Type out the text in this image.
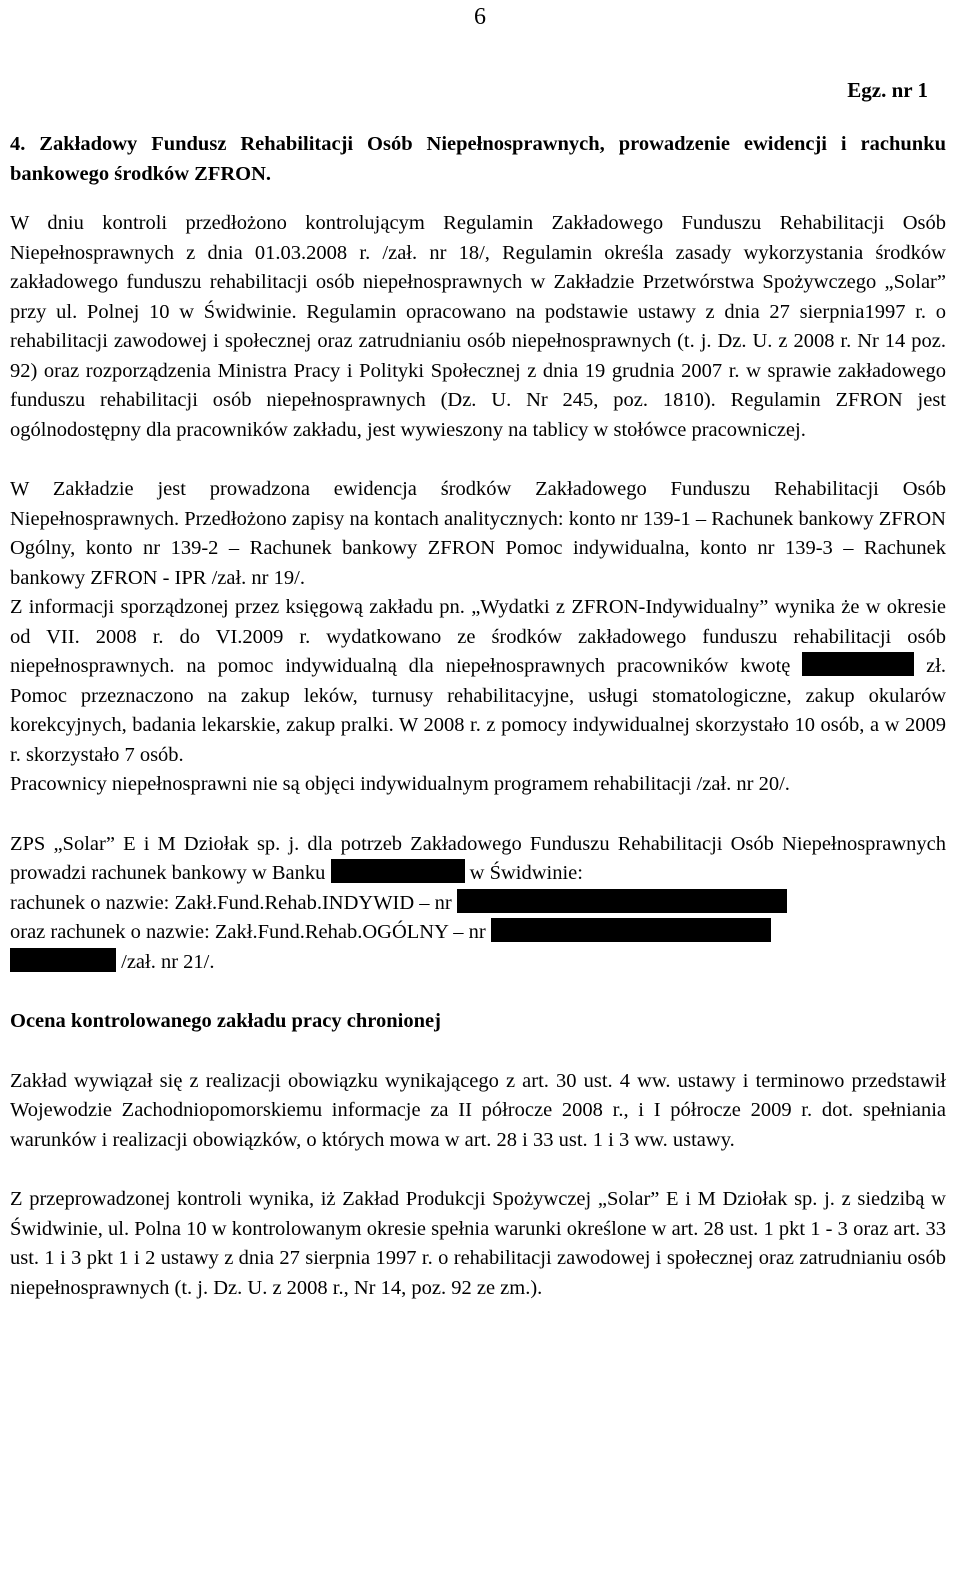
6
Egz. nr 1

4. Zakładowy Fundusz Rehabilitacji Osób Niepełnosprawnych, prowadzenie ewidencji i rachunku bankowego środków ZFRON.

W dniu kontroli przedłożono kontrolującym Regulamin Zakładowego Funduszu Rehabilitacji Osób Niepełnosprawnych z dnia 01.03.2008 r. /zał. nr 18/, Regulamin określa zasady wykorzystania środków zakładowego funduszu rehabilitacji osób niepełnosprawnych w Zakładzie Przetwórstwa Spożywczego „Solar” przy ul. Polnej 10 w Świdwinie. Regulamin opracowano na podstawie ustawy z dnia 27 sierpnia1997 r. o rehabilitacji zawodowej i społecznej oraz zatrudnianiu osób niepełnosprawnych (t. j. Dz. U. z 2008 r. Nr 14 poz. 92) oraz rozporządzenia Ministra Pracy i Polityki Społecznej z dnia 19 grudnia 2007 r. w sprawie zakładowego funduszu rehabilitacji osób niepełnosprawnych (Dz. U. Nr 245, poz. 1810). Regulamin ZFRON jest ogólnodostępny dla pracowników zakładu, jest wywieszony na tablicy w stołówce pracowniczej.

W Zakładzie jest prowadzona ewidencja środków Zakładowego Funduszu Rehabilitacji Osób Niepełnosprawnych. Przedłożono zapisy na kontach analitycznych: konto nr 139-1 – Rachunek bankowy ZFRON Ogólny, konto nr 139-2 – Rachunek bankowy ZFRON Pomoc indywidualna, konto nr 139-3 – Rachunek bankowy ZFRON - IPR /zał. nr 19/.

Z informacji sporządzonej przez księgową zakładu pn. „Wydatki z ZFRON-Indywidualny” wynika że w okresie od VII. 2008 r. do VI.2009 r. wydatkowano ze środków zakładowego funduszu rehabilitacji osób niepełnosprawnych. na pomoc indywidualną dla niepełnosprawnych pracowników kwotę	zł. Pomoc przeznaczono na zakup leków, turnusy rehabilitacyjne, usługi stomatologiczne, zakup okularów korekcyjnych, badania lekarskie, zakup pralki. W 2008 r. z pomocy indywidualnej skorzystało 10 osób, a w 2009 r. skorzystało 7 osób.

Pracownicy niepełnosprawni nie są objęci indywidualnym programem rehabilitacji /zał. nr 20/.

ZPS „Solar” E i M Dziołak sp. j. dla potrzeb Zakładowego Funduszu Rehabilitacji Osób Niepełnosprawnych prowadzi rachunek bankowy w Banku	w Świdwinie:
rachunek o nazwie: Zakł.Fund.Rehab.INDYWID – nr
oraz rachunek o nazwie: Zakł.Fund.Rehab.OGÓLNY – nr
/zał. nr 21/.

Ocena kontrolowanego zakładu pracy chronionej

Zakład wywiązał się z realizacji obowiązku wynikającego z art. 30 ust. 4 ww. ustawy i terminowo przedstawił Wojewodzie Zachodniopomorskiemu informacje za II półrocze 2008 r., i I półrocze 2009 r. dot. spełniania warunków i realizacji obowiązków, o których mowa w art. 28 i 33 ust. 1 i 3 ww. ustawy.

Z przeprowadzonej kontroli wynika, iż Zakład Produkcji Spożywczej „Solar” E i M Dziołak sp. j. z siedzibą w Świdwinie, ul. Polna 10 w kontrolowanym okresie spełnia warunki określone w art. 28 ust. 1 pkt 1 - 3 oraz art. 33 ust. 1 i 3 pkt 1 i 2 ustawy z dnia 27 sierpnia 1997 r. o rehabilitacji zawodowej i społecznej oraz zatrudnianiu osób niepełnosprawnych (t. j. Dz. U. z 2008 r., Nr 14, poz. 92 ze zm.).
